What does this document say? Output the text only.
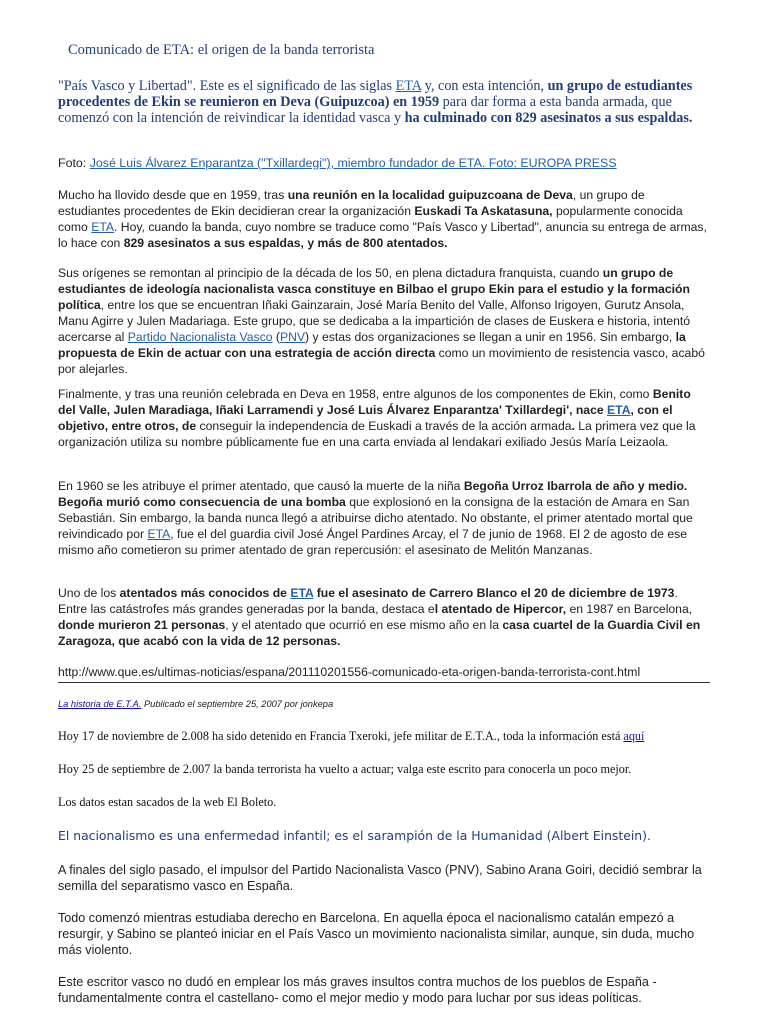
Comunicado de ETA: el origen de la banda terrorista

"País Vasco y Libertad". Este es el significado de las siglas ETA y, con esta intención, un grupo de estudiantes procedentes de Ekin se reunieron en Deva (Guipuzcoa) en 1959 para dar forma a esta banda armada, que comenzó con la intención de reivindicar la identidad vasca y ha culminado con 829 asesinatos a sus espaldas.

Foto: José Luis Álvarez Enparantza ("Txillardegi"), miembro fundador de ETA. Foto: EUROPA PRESS

Mucho ha llovido desde que en 1959, tras una reunión en la localidad guipuzcoana de Deva, un grupo de estudiantes procedentes de Ekin decidieran crear la organización Euskadi Ta Askatasuna, popularmente conocida como ETA. Hoy, cuando la banda, cuyo nombre se traduce como "País Vasco y Libertad", anuncia su entrega de armas, lo hace con 829 asesinatos a sus espaldas, y más de 800 atentados.

Sus orígenes se remontan al principio de la década de los 50, en plena dictadura franquista, cuando un grupo de estudiantes de ideología nacionalista vasca constituye en Bilbao el grupo Ekin para el estudio y la formación política, entre los que se encuentran Iñaki Gainzarain, José María Benito del Valle, Alfonso Irigoyen, Gurutz Ansola, Manu Agirre y Julen Madariaga. Este grupo, que se dedicaba a la impartición de clases de Euskera e historia, intentó acercarse al Partido Nacionalista Vasco (PNV) y estas dos organizaciones se llegan a unir en 1956. Sin embargo, la propuesta de Ekin de actuar con una estrategia de acción directa como un movimiento de resistencia vasco, acabó por alejarles.

Finalmente, y tras una reunión celebrada en Deva en 1958, entre algunos de los componentes de Ekin, como Benito del Valle, Julen Maradiaga, Iñaki Larramendi y José Luis Álvarez Enparantza' Txillardegi', nace ETA, con el objetivo, entre otros, de conseguir la independencia de Euskadi a través de la acción armada. La primera vez que la organización utiliza su nombre públicamente fue en una carta enviada al lendakari exiliado Jesús María Leizaola.

En 1960 se les atribuye el primer atentado, que causó la muerte de la niña Begoña Urroz Ibarrola de año y medio. Begoña murió como consecuencia de una bomba que explosionó en la consigna de la estación de Amara en San Sebastián. Sin embargo, la banda nunca llegó a atribuirse dicho atentado. No obstante, el primer atentado mortal que reivindicado por ETA, fue el del guardia civil José Ángel Pardines Arcay, el 7 de junio de 1968. El 2 de agosto de ese mismo año cometieron su primer atentado de gran repercusión: el asesinato de Melitón Manzanas.

Uno de los atentados más conocidos de ETA fue el asesinato de Carrero Blanco el 20 de diciembre de 1973. Entre las catástrofes más grandes generadas por la banda, destaca el atentado de Hipercor, en 1987 en Barcelona, donde murieron 21 personas, y el atentado que ocurrió en ese mismo año en la casa cuartel de la Guardia Civil en Zaragoza, que acabó con la vida de 12 personas.

http://www.que.es/ultimas-noticias/espana/201110201556-comunicado-eta-origen-banda-terrorista-cont.html

La historia de E.T.A. Publicado el septiembre 25, 2007 por jonkepa

Hoy 17 de noviembre de 2.008 ha sido detenido en Francia Txeroki, jefe militar de E.T.A., toda la información está aquí

Hoy 25 de septiembre de 2.007 la banda terrorista ha vuelto a actuar; valga este escrito para conocerla un poco mejor.

Los datos estan sacados de la web El Boleto.

El nacionalismo es una enfermedad infantil; es el sarampión de la Humanidad (Albert Einstein).

A finales del siglo pasado, el impulsor del Partido Nacionalista Vasco (PNV), Sabino Arana Goiri, decidió sembrar la semilla del separatismo vasco en España.

Todo comenzó mientras estudiaba derecho en Barcelona. En aquella época el nacionalismo catalán empezó a resurgir, y Sabino se planteó iniciar en el País Vasco un movimiento nacionalista similar, aunque, sin duda, mucho más violento.

Este escritor vasco no dudó en emplear los más graves insultos contra muchos de los pueblos de España -fundamentalmente contra el castellano- como el mejor medio y modo para luchar por sus ideas políticas.
